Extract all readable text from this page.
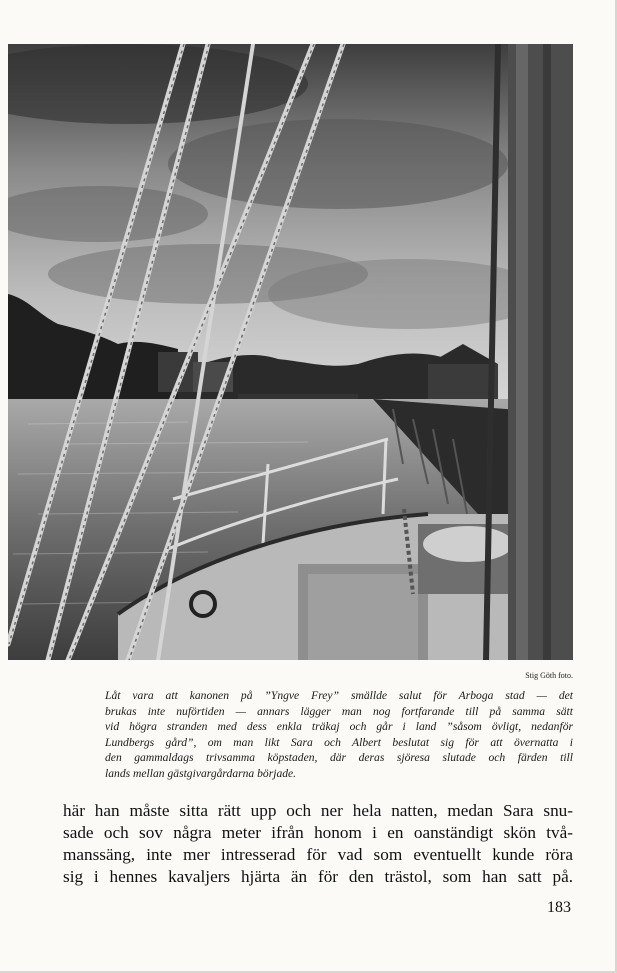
Stig Göth foto.
Låt vara att kanonen på ”Yngve Frey” smällde salut för Arboga stad — det
brukas inte nuförtiden — annars lägger man nog fortfarande till på samma sätt
vid högra stranden med dess enkla träkaj och går i land ”såsom övligt, nedanför
Lundbergs gård”, om man likt Sara och Albert beslutat sig för att övernatta i
den gammaldags trivsamma köpstaden, där deras sjöresa slutade och färden till
lands mellan gästgivargårdarna började.
här han måste sitta rätt upp och ner hela natten, medan Sara snu-
sade och sov några meter ifrån honom i en oanständigt skön två-
manssäng, inte mer intresserad för vad som eventuellt kunde röra
sig i hennes kavaljers hjärta än för den trästol, som han satt på.
183
